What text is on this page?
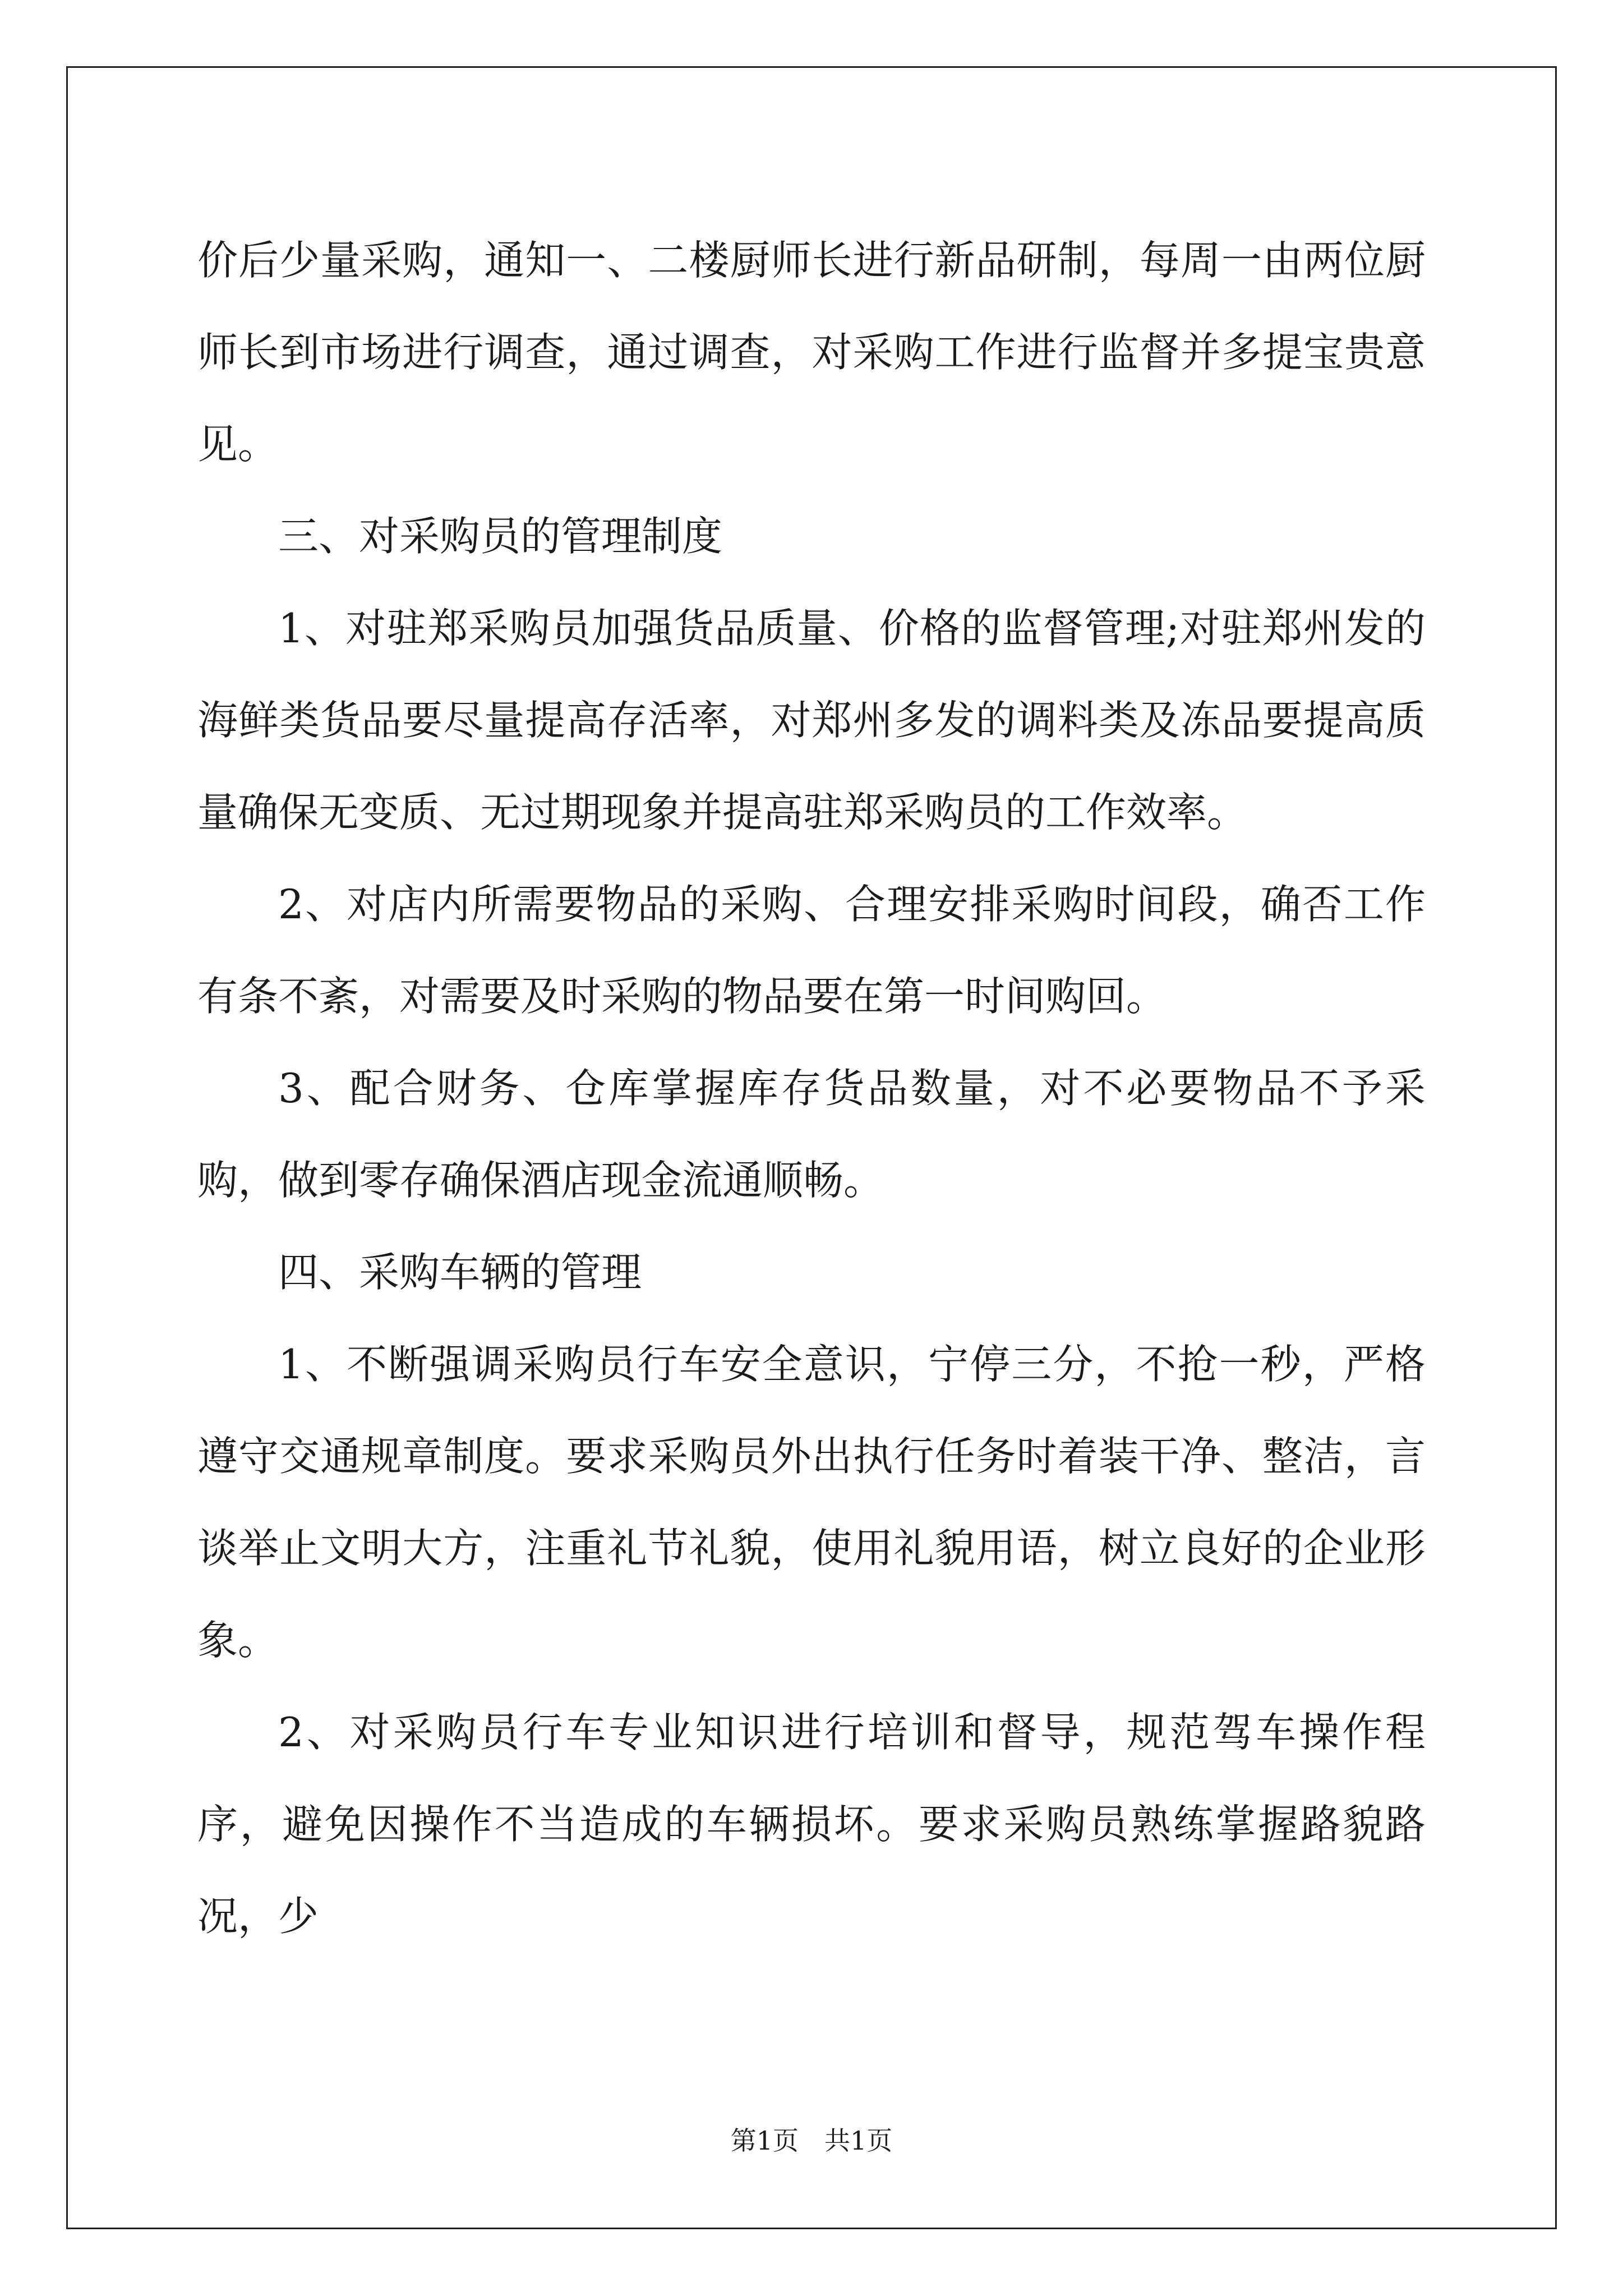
价后少量采购，通知一、二楼厨师长进行新品研制，每周一由两位厨师长到市场进行调查，通过调查，对采购工作进行监督并多提宝贵意见。

三、对采购员的管理制度

1、对驻郑采购员加强货品质量、价格的监督管理;对驻郑州发的海鲜类货品要尽量提高存活率，对郑州多发的调料类及冻品要提高质量确保无变质、无过期现象并提高驻郑采购员的工作效率。

2、对店内所需要物品的采购、合理安排采购时间段，确否工作有条不紊，对需要及时采购的物品要在第一时间购回。

3、配合财务、仓库掌握库存货品数量，对不必要物品不予采购，做到零存确保酒店现金流通顺畅。

四、采购车辆的管理

1、不断强调采购员行车安全意识，宁停三分，不抢一秒，严格遵守交通规章制度。要求采购员外出执行任务时着装干净、整洁，言谈举止文明大方，注重礼节礼貌，使用礼貌用语，树立良好的企业形象。

2、对采购员行车专业知识进行培训和督导，规范驾车操作程序，避免因操作不当造成的车辆损坏。要求采购员熟练掌握路貌路况，少

第1页　共1页
